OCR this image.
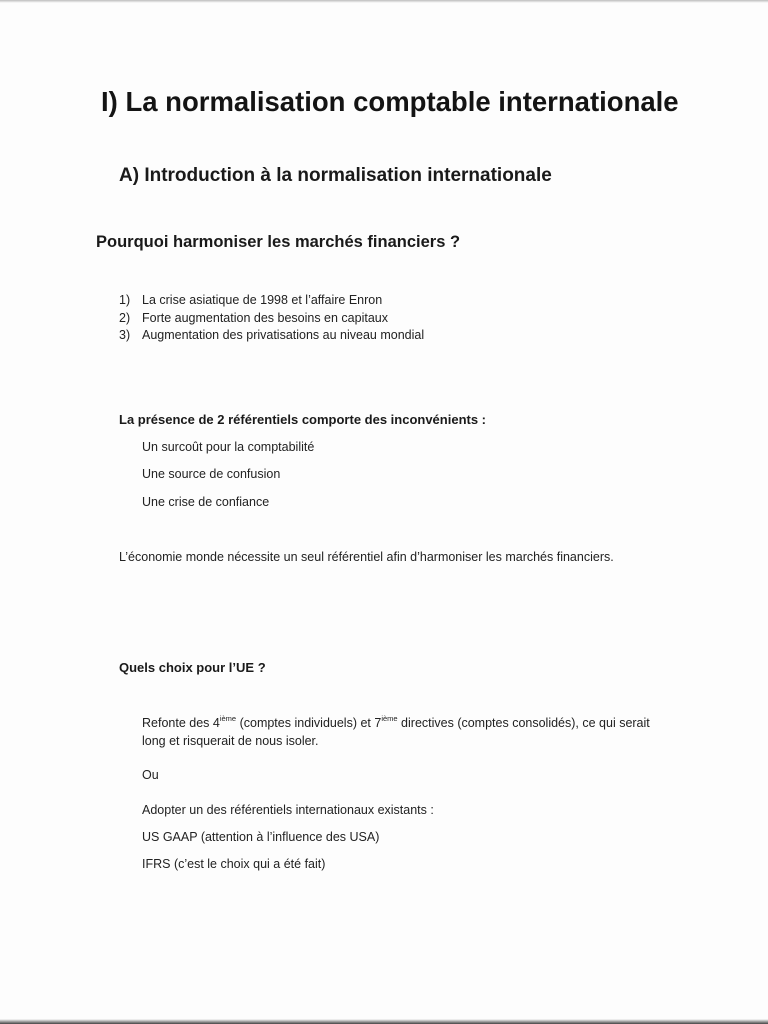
I) La normalisation comptable internationale
A) Introduction à la normalisation internationale
Pourquoi harmoniser les marchés financiers ?
1) La crise asiatique de 1998 et l’affaire Enron
2) Forte augmentation des besoins en capitaux
3) Augmentation des privatisations au niveau mondial
La présence de 2 référentiels comporte des inconvénients :
Un surcoût pour la comptabilité
Une source de confusion
Une crise de confiance
L’économie monde nécessite un seul référentiel afin d’harmoniser les marchés financiers.
Quels choix pour l’UE ?
Refonte des 4ième (comptes individuels) et 7ième directives (comptes consolidés), ce qui serait
long et risquerait de nous isoler.
Ou
Adopter un des référentiels internationaux existants :
US GAAP (attention à l’influence des USA)
IFRS (c’est le choix qui a été fait)
